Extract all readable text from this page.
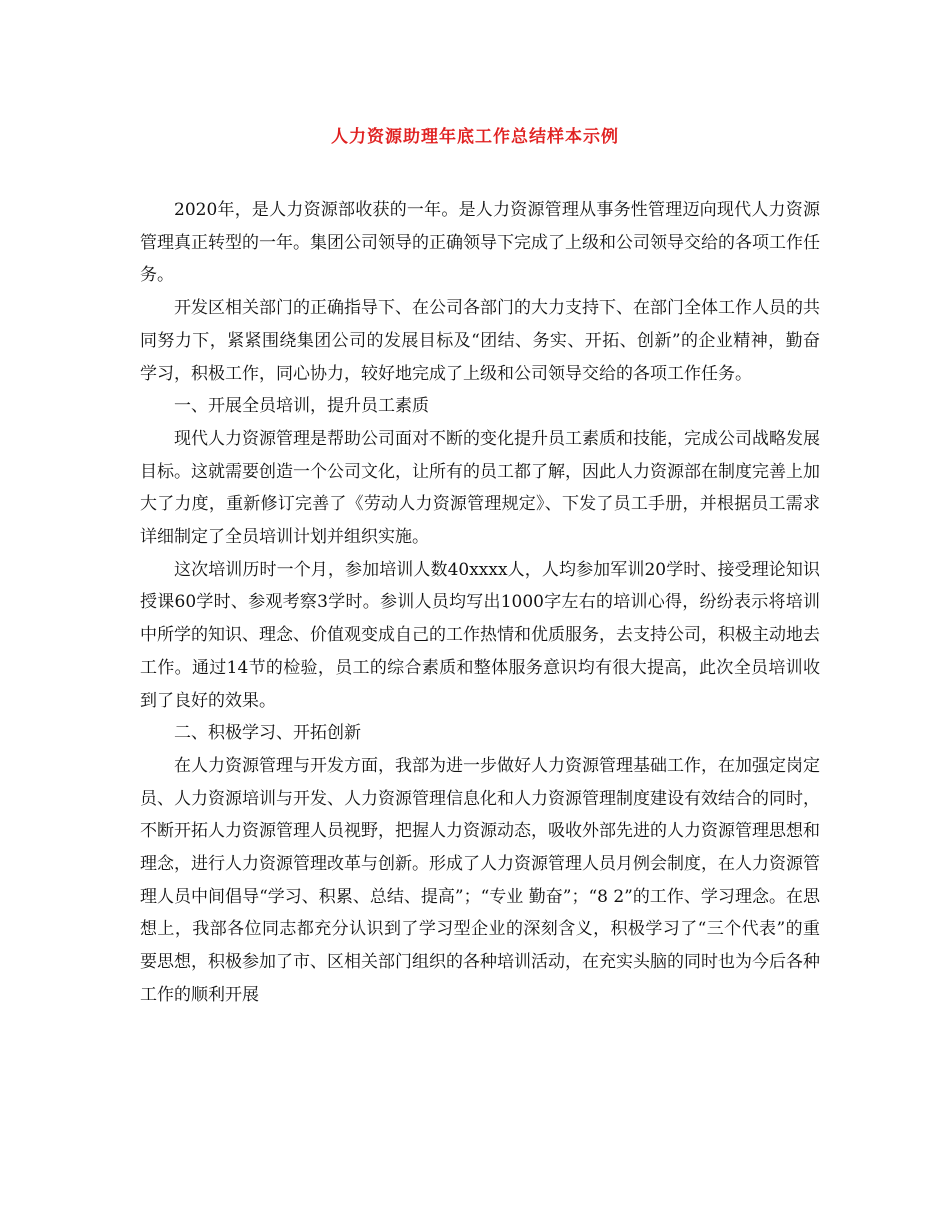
人力资源助理年底工作总结样本示例

2020年，是人力资源部收获的一年。是人力资源管理从事务性管理迈向现代人力资源管理真正转型的一年。集团公司领导的正确领导下完成了上级和公司领导交给的各项工作任务。

开发区相关部门的正确指导下、在公司各部门的大力支持下、在部门全体工作人员的共同努力下，紧紧围绕集团公司的发展目标及“团结、务实、开拓、创新”的企业精神，勤奋学习，积极工作，同心协力，较好地完成了上级和公司领导交给的各项工作任务。

一、开展全员培训，提升员工素质

现代人力资源管理是帮助公司面对不断的变化提升员工素质和技能，完成公司战略发展目标。这就需要创造一个公司文化，让所有的员工都了解，因此人力资源部在制度完善上加大了力度，重新修订完善了《劳动人力资源管理规定》、下发了员工手册，并根据员工需求详细制定了全员培训计划并组织实施。

这次培训历时一个月，参加培训人数40xxxx人，人均参加军训20学时、接受理论知识授课60学时、参观考察3学时。参训人员均写出1000字左右的培训心得，纷纷表示将培训中所学的知识、理念、价值观变成自己的工作热情和优质服务，去支持公司，积极主动地去工作。通过14节的检验，员工的综合素质和整体服务意识均有很大提高，此次全员培训收到了良好的效果。

二、积极学习、开拓创新

在人力资源管理与开发方面，我部为进一步做好人力资源管理基础工作，在加强定岗定员、人力资源培训与开发、人力资源管理信息化和人力资源管理制度建设有效结合的同时，不断开拓人力资源管理人员视野，把握人力资源动态，吸收外部先进的人力资源管理思想和理念，进行人力资源管理改革与创新。形成了人力资源管理人员月例会制度，在人力资源管理人员中间倡导“学习、积累、总结、提高”；“专业 勤奋”；“8 2”的工作、学习理念。在思想上，我部各位同志都充分认识到了学习型企业的深刻含义，积极学习了“三个代表”的重要思想，积极参加了市、区相关部门组织的各种培训活动，在充实头脑的同时也为今后各种工作的顺利开展
